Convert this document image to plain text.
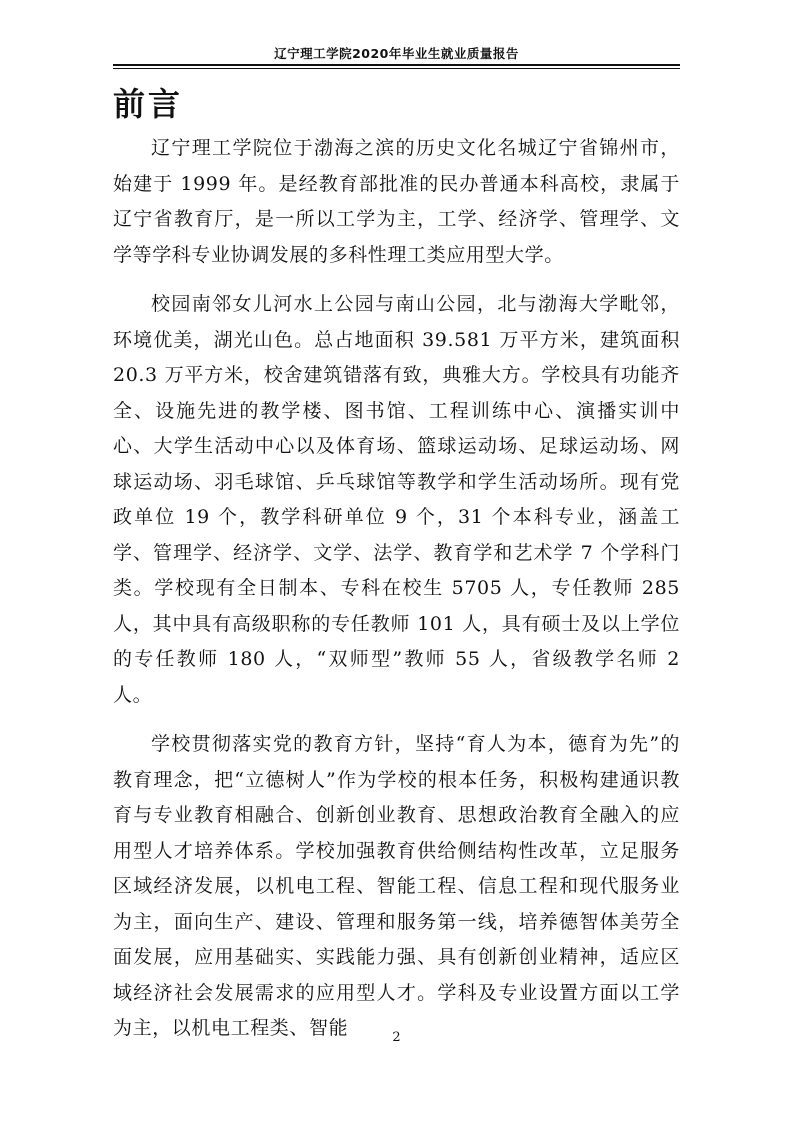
辽宁理工学院2020年毕业生就业质量报告
前言

辽宁理工学院位于渤海之滨的历史文化名城辽宁省锦州市，始建于 1999 年。是经教育部批准的民办普通本科高校，隶属于辽宁省教育厅，是一所以工学为主，工学、经济学、管理学、文学等学科专业协调发展的多科性理工类应用型大学。

校园南邻女儿河水上公园与南山公园，北与渤海大学毗邻，环境优美，湖光山色。总占地面积 39.581 万平方米，建筑面积 20.3 万平方米，校舍建筑错落有致，典雅大方。学校具有功能齐全、设施先进的教学楼、图书馆、工程训练中心、演播实训中心、大学生活动中心以及体育场、篮球运动场、足球运动场、网球运动场、羽毛球馆、乒乓球馆等教学和学生活动场所。现有党政单位 19 个，教学科研单位 9 个，31 个本科专业，涵盖工学、管理学、经济学、文学、法学、教育学和艺术学 7 个学科门类。学校现有全日制本、专科在校生 5705 人，专任教师 285 人，其中具有高级职称的专任教师 101 人，具有硕士及以上学位的专任教师 180 人，“双师型”教师 55 人，省级教学名师 2 人。

学校贯彻落实党的教育方针，坚持“育人为本，德育为先”的教育理念，把“立德树人”作为学校的根本任务，积极构建通识教育与专业教育相融合、创新创业教育、思想政治教育全融入的应用型人才培养体系。学校加强教育供给侧结构性改革，立足服务区域经济发展，以机电工程、智能工程、信息工程和现代服务业为主，面向生产、建设、管理和服务第一线，培养德智体美劳全面发展，应用基础实、实践能力强、具有创新创业精神，适应区域经济社会发展需求的应用型人才。学科及专业设置方面以工学为主，以机电工程类、智能	2
